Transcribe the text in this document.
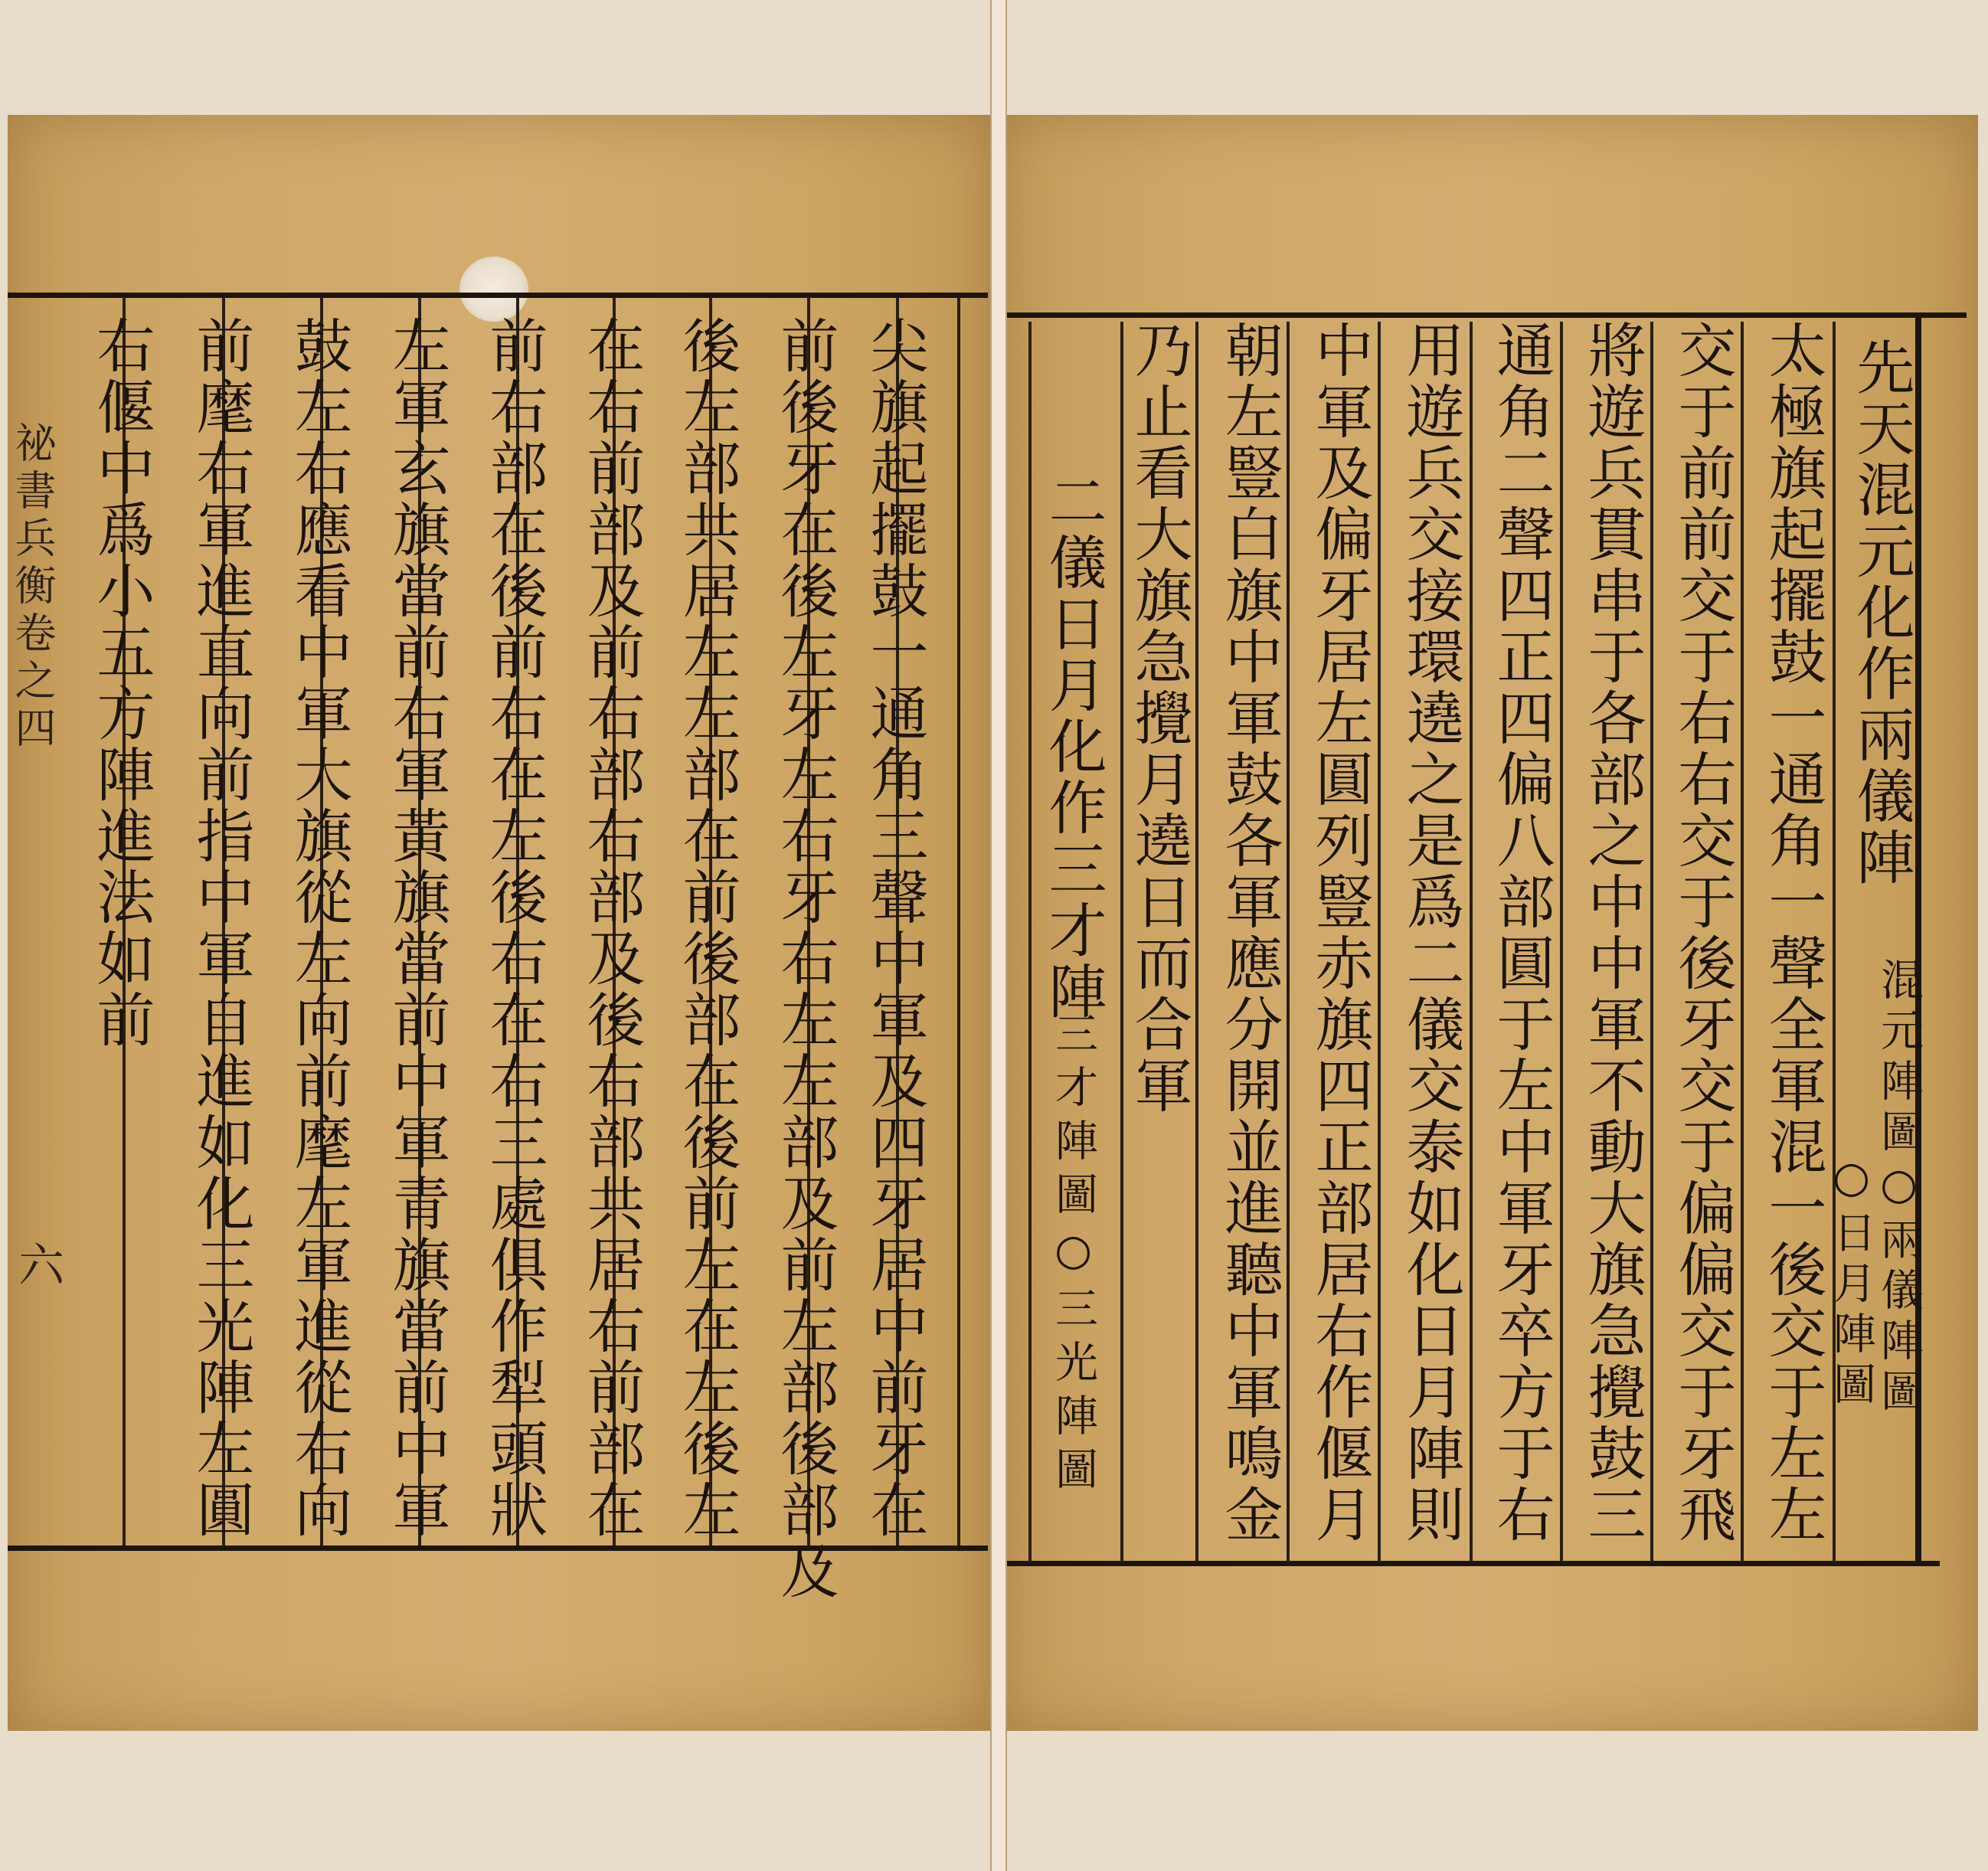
祕書兵衡卷之四
六	尖旗起擺鼓一通角三聲中軍及四牙居中前牙在
前後牙在後左牙左右牙右左左部及前左部後部及
後左部共居左左部在前後部在後前左在左後左
在右前部及前右部右部及後右部共居右前部在
前右部在後前右在左後右在右三處俱作犁頭狀
左軍玄旗當前右軍黃旗當前中軍青旗當前中軍
鼓左右應看中軍大旗從左向前麾左軍進從右向
前麾右軍進直向前指中軍自進如化三光陣左圓
右偃中爲小五方陣進法如前	先天混元化作兩儀陣
混元陣圖○兩儀陣圖
○日月陣圖
太極旗起擺鼓一通角一聲全軍混一後交于左左
交于前前交于右右交于後牙交于偏偏交于牙飛
將遊兵貫串于各部之中中軍不動大旗急攪鼓三
通角二聲四正四偏八部圓于左中軍牙卒方于右
用遊兵交接環遶之是爲二儀交泰如化日月陣則
中軍及偏牙居左圓列豎赤旗四正部居右作偃月
朝左豎白旗中軍鼓各軍應分開並進聽中軍鳴金
乃止看大旗急攪月遶日而合軍
二儀日月化作三才陣
三才陣圖○三光陣圖
